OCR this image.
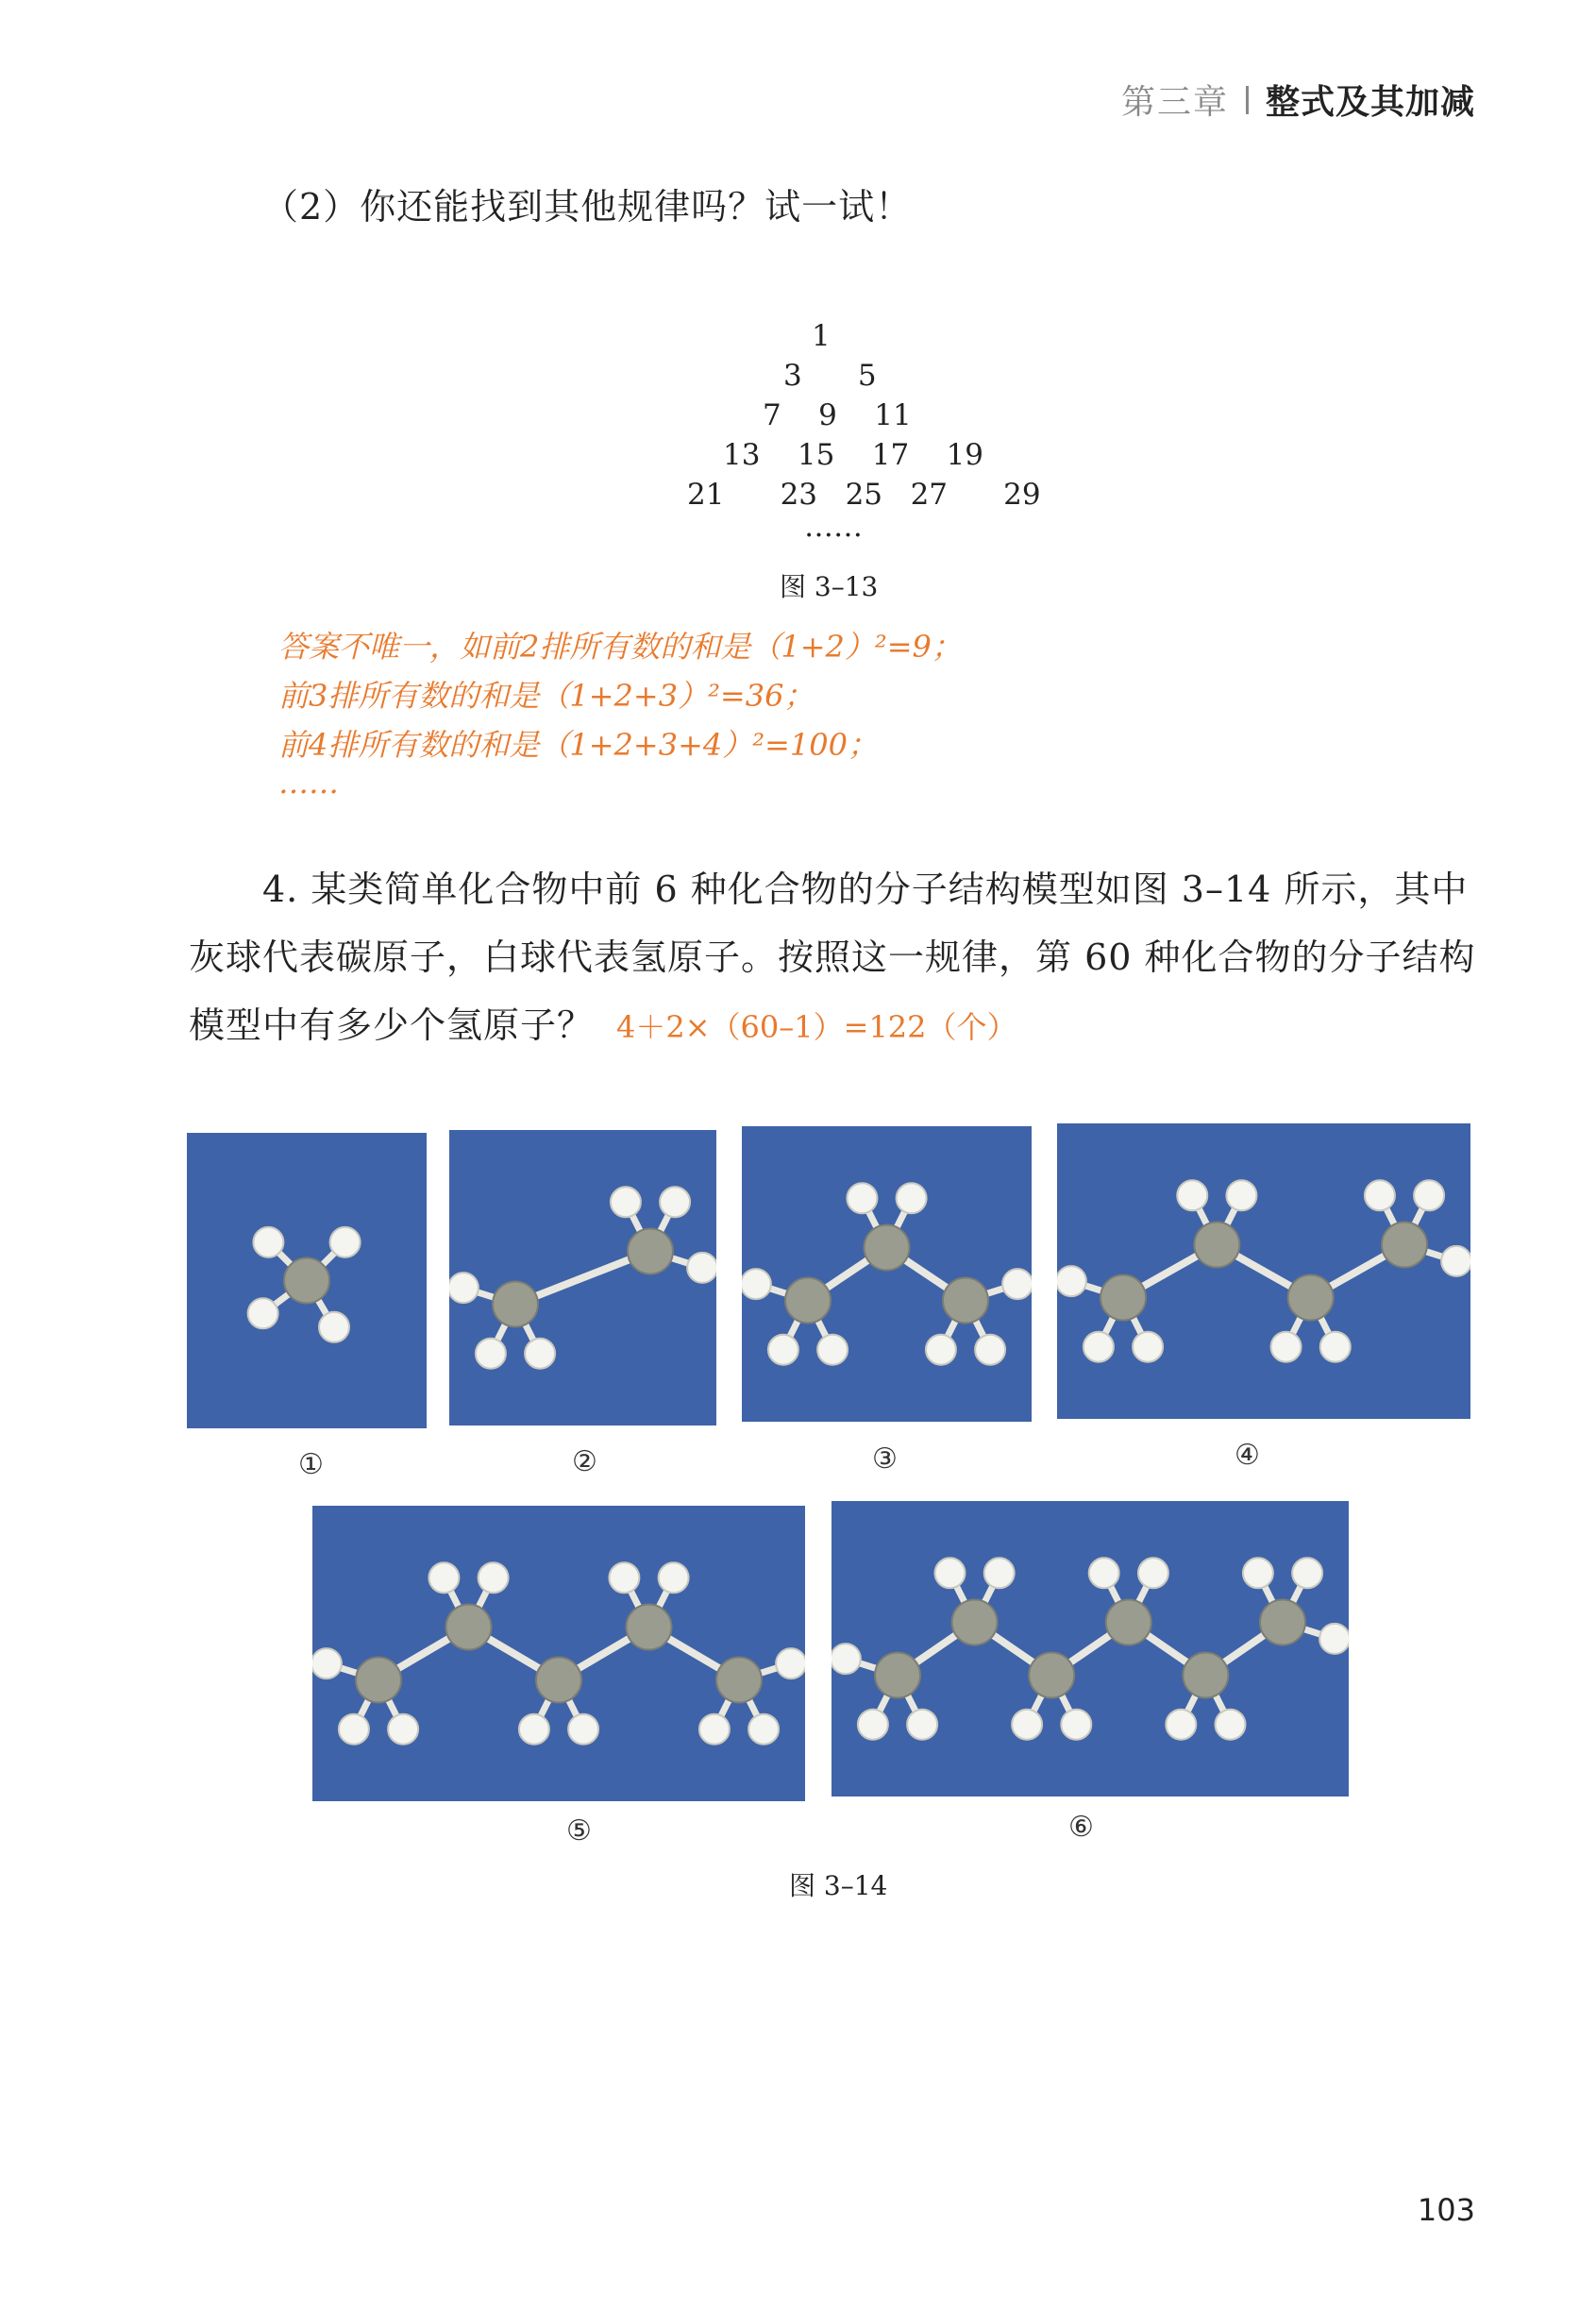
第三章 整式及其加减
（2）你还能找到其他规律吗？试一试！
1
3      5
7    9    11
13    15    17    19
21      23   25   27      29
……
图 3–13
答案不唯一，如前2排所有数的和是（1+2）²=9；
前3排所有数的和是（1+2+3）²=36；
前4排所有数的和是（1+2+3+4）²=100；
……
4. 某类简单化合物中前 6 种化合物的分子结构模型如图 3–14 所示，其中灰球代表碳原子，白球代表氢原子。按照这一规律，第 60 种化合物的分子结构模型中有多少个氢原子？ 4＋2×（60–1）=122（个）
①	②	③	④
⑤	⑥
图 3–14
103
